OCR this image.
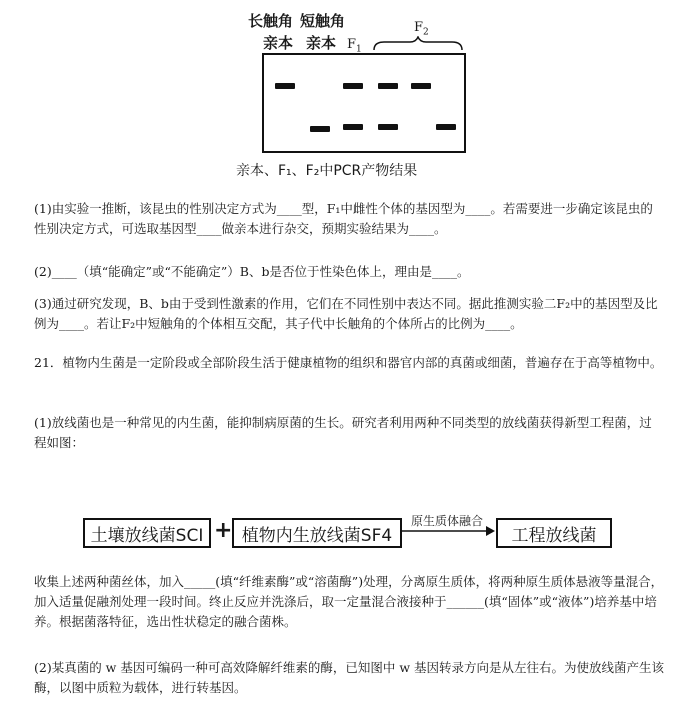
长触角 短触角
亲本 亲本 $F_1$
$F_2$
亲本、F₁、F₂中PCR产物结果

(1)由实验一推断，该昆虫的性别决定方式为____型，F₁中雌性个体的基因型为____。若需要进一步确定该昆虫的性别决定方式，可选取基因型____做亲本进行杂交，预期实验结果为____。

(2)____（填“能确定”或“不能确定”）B、b是否位于性染色体上，理由是____。

(3)通过研究发现，B、b由于受到性激素的作用，它们在不同性别中表达不同。据此推测实验二F₂中的基因型及比例为____。若让F₂中短触角的个体相互交配，其子代中长触角的个体所占的比例为____。

21．植物内生菌是一定阶段或全部阶段生活于健康植物的组织和器官内部的真菌或细菌，普遍存在于高等植物中。

(1)放线菌也是一种常见的内生菌，能抑制病原菌的生长。研究者利用两种不同类型的放线菌获得新型工程菌，过程如图：

土壤放线菌SCI + 植物内生放线菌SF4
原生质体融合
工程放线菌

收集上述两种菌丝体，加入_____(填“纤维素酶”或“溶菌酶”)处理，分离原生质体，将两种原生质体悬液等量混合，加入适量促融剂处理一段时间。终止反应并洗涤后，取一定量混合液接种于______(填“固体”或“液体”)培养基中培养。根据菌落特征，选出性状稳定的融合菌株。

(2)某真菌的 w 基因可编码一种可高效降解纤维素的酶，已知图中 w 基因转录方向是从左往右。为使放线菌产生该酶，以图中质粒为载体，进行转基因。
